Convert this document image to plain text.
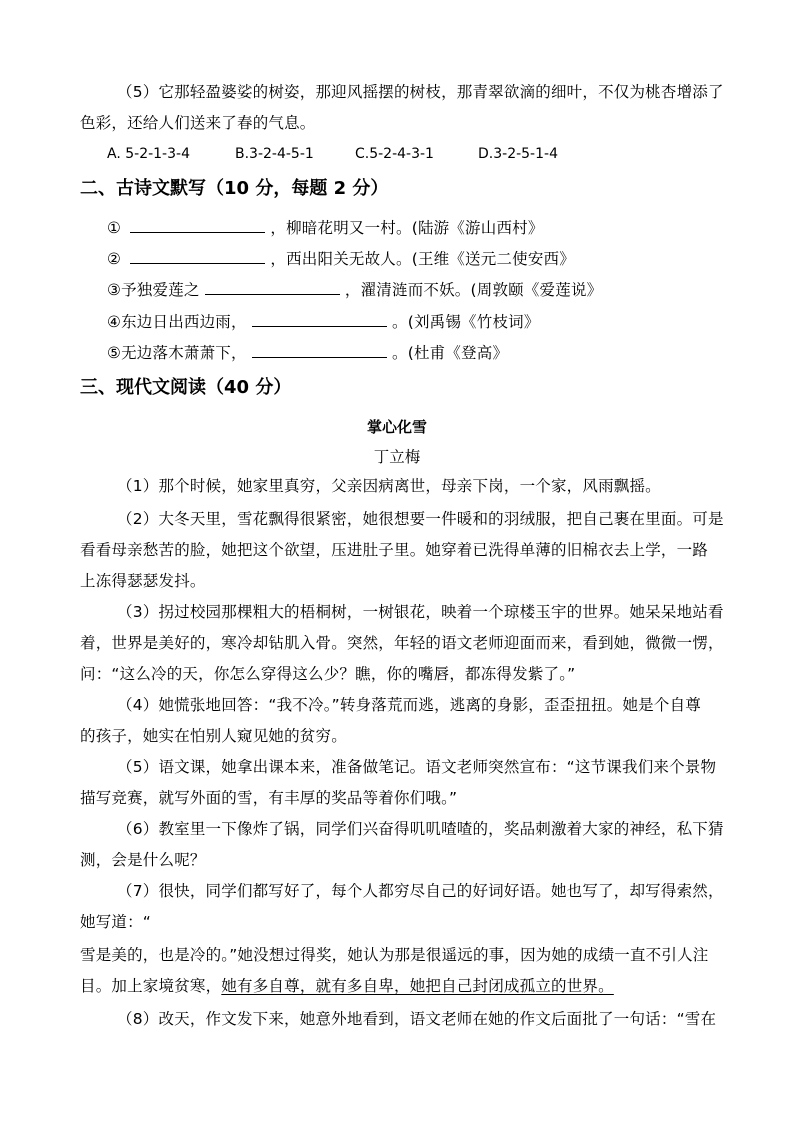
（5）它那轻盈婆娑的树姿，那迎风摇摆的树枝，那青翠欲滴的细叶，不仅为桃杏增添了
色彩，还给人们送来了春的气息。
A. 5-2-1-3-4	B.3-2-4-5-1	C.5-2-4-3-1	D.3-2-5-1-4
二、古诗文默写（10 分，每题 2 分）
①	，柳暗花明又一村。(陆游《游山西村》
②	，西出阳关无故人。(王维《送元二使安西》
③予独爱莲之	，濯清涟而不妖。(周敦颐《爱莲说》
④东边日出西边雨，	。(刘禹锡《竹枝词》
⑤无边落木萧萧下，	。(杜甫《登高》
三、现代文阅读（40 分）
掌心化雪
丁立梅
（1）那个时候，她家里真穷，父亲因病离世，母亲下岗，一个家，风雨飘摇。
（2）大冬天里，雪花飘得很紧密，她很想要一件暖和的羽绒服，把自己裹在里面。可是
看看母亲愁苦的脸，她把这个欲望，压进肚子里。她穿着已洗得单薄的旧棉衣去上学，一路
上冻得瑟瑟发抖。
（3）拐过校园那棵粗大的梧桐树，一树银花，映着一个琼楼玉宇的世界。她呆呆地站看
着，世界是美好的，寒冷却钻肌入骨。突然，年轻的语文老师迎面而来，看到她，微微一愣，
问：“这么冷的天，你怎么穿得这么少？瞧，你的嘴唇，都冻得发紫了。”
（4）她慌张地回答：“我不冷。”转身落荒而逃，逃离的身影，歪歪扭扭。她是个自尊
的孩子，她实在怕别人窥见她的贫穷。
（5）语文课，她拿出课本来，准备做笔记。语文老师突然宣布：“这节课我们来个景物
描写竞赛，就写外面的雪，有丰厚的奖品等着你们哦。”
（6）教室里一下像炸了锅，同学们兴奋得叽叽喳喳的，奖品刺激着大家的神经，私下猜
测，会是什么呢？
（7）很快，同学们都写好了，每个人都穷尽自己的好词好语。她也写了，却写得索然，
她写道：“
雪是美的，也是冷的。”她没想过得奖，她认为那是很遥远的事，因为她的成绩一直不引人注
目。加上家境贫寒，她有多自尊，就有多自卑，她把自己封闭成孤立的世界。
（8）改天，作文发下来，她意外地看到，语文老师在她的作文后面批了一句话：“雪在
